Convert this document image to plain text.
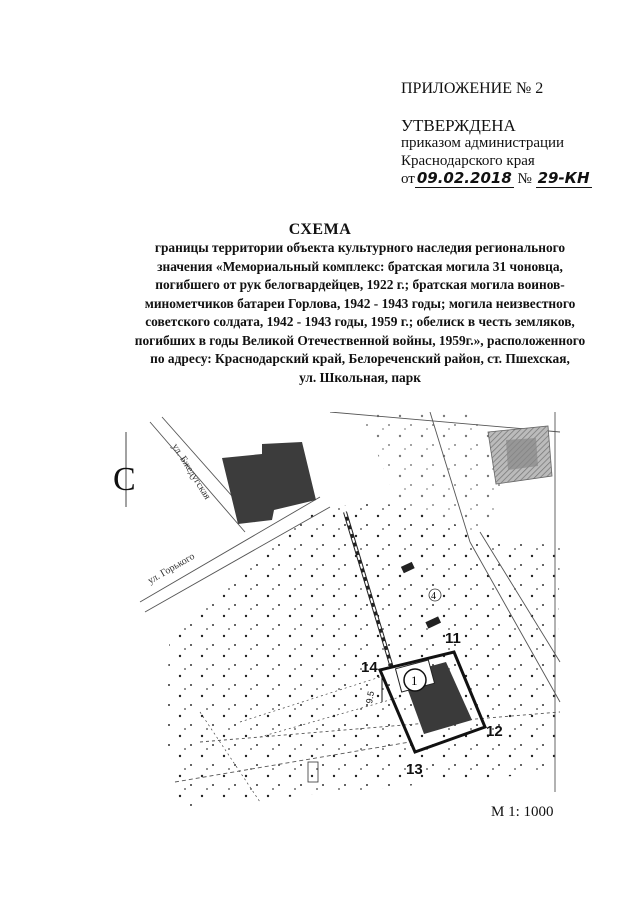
ПРИЛОЖЕНИЕ № 2
УТВЕРЖДЕНА
приказом администрации
Краснодарского края
от 09.02.2018 № 29-КН
СХЕМА
границы территории объекта культурного наследия регионального
значения «Мемориальный комплекс: братская могила 31 чоновца,
погибшего от рук белогвардейцев, 1922 г.; братская могила воинов-
минометчиков батареи Горлова, 1942 - 1943 годы; могила неизвестного
советского солдата, 1942 - 1943 годы, 1959 г.; обелиск в честь земляков,
погибших в годы Великой Отечественной войны, 1959г.», расположенного
по адресу: Краснодарский край, Белореченский район, ст. Пшехская,
ул. Школьная, парк
1
9.5
4
11
12
13
14
ул. Бжедугская
ул. Горького
С
М 1: 1000
